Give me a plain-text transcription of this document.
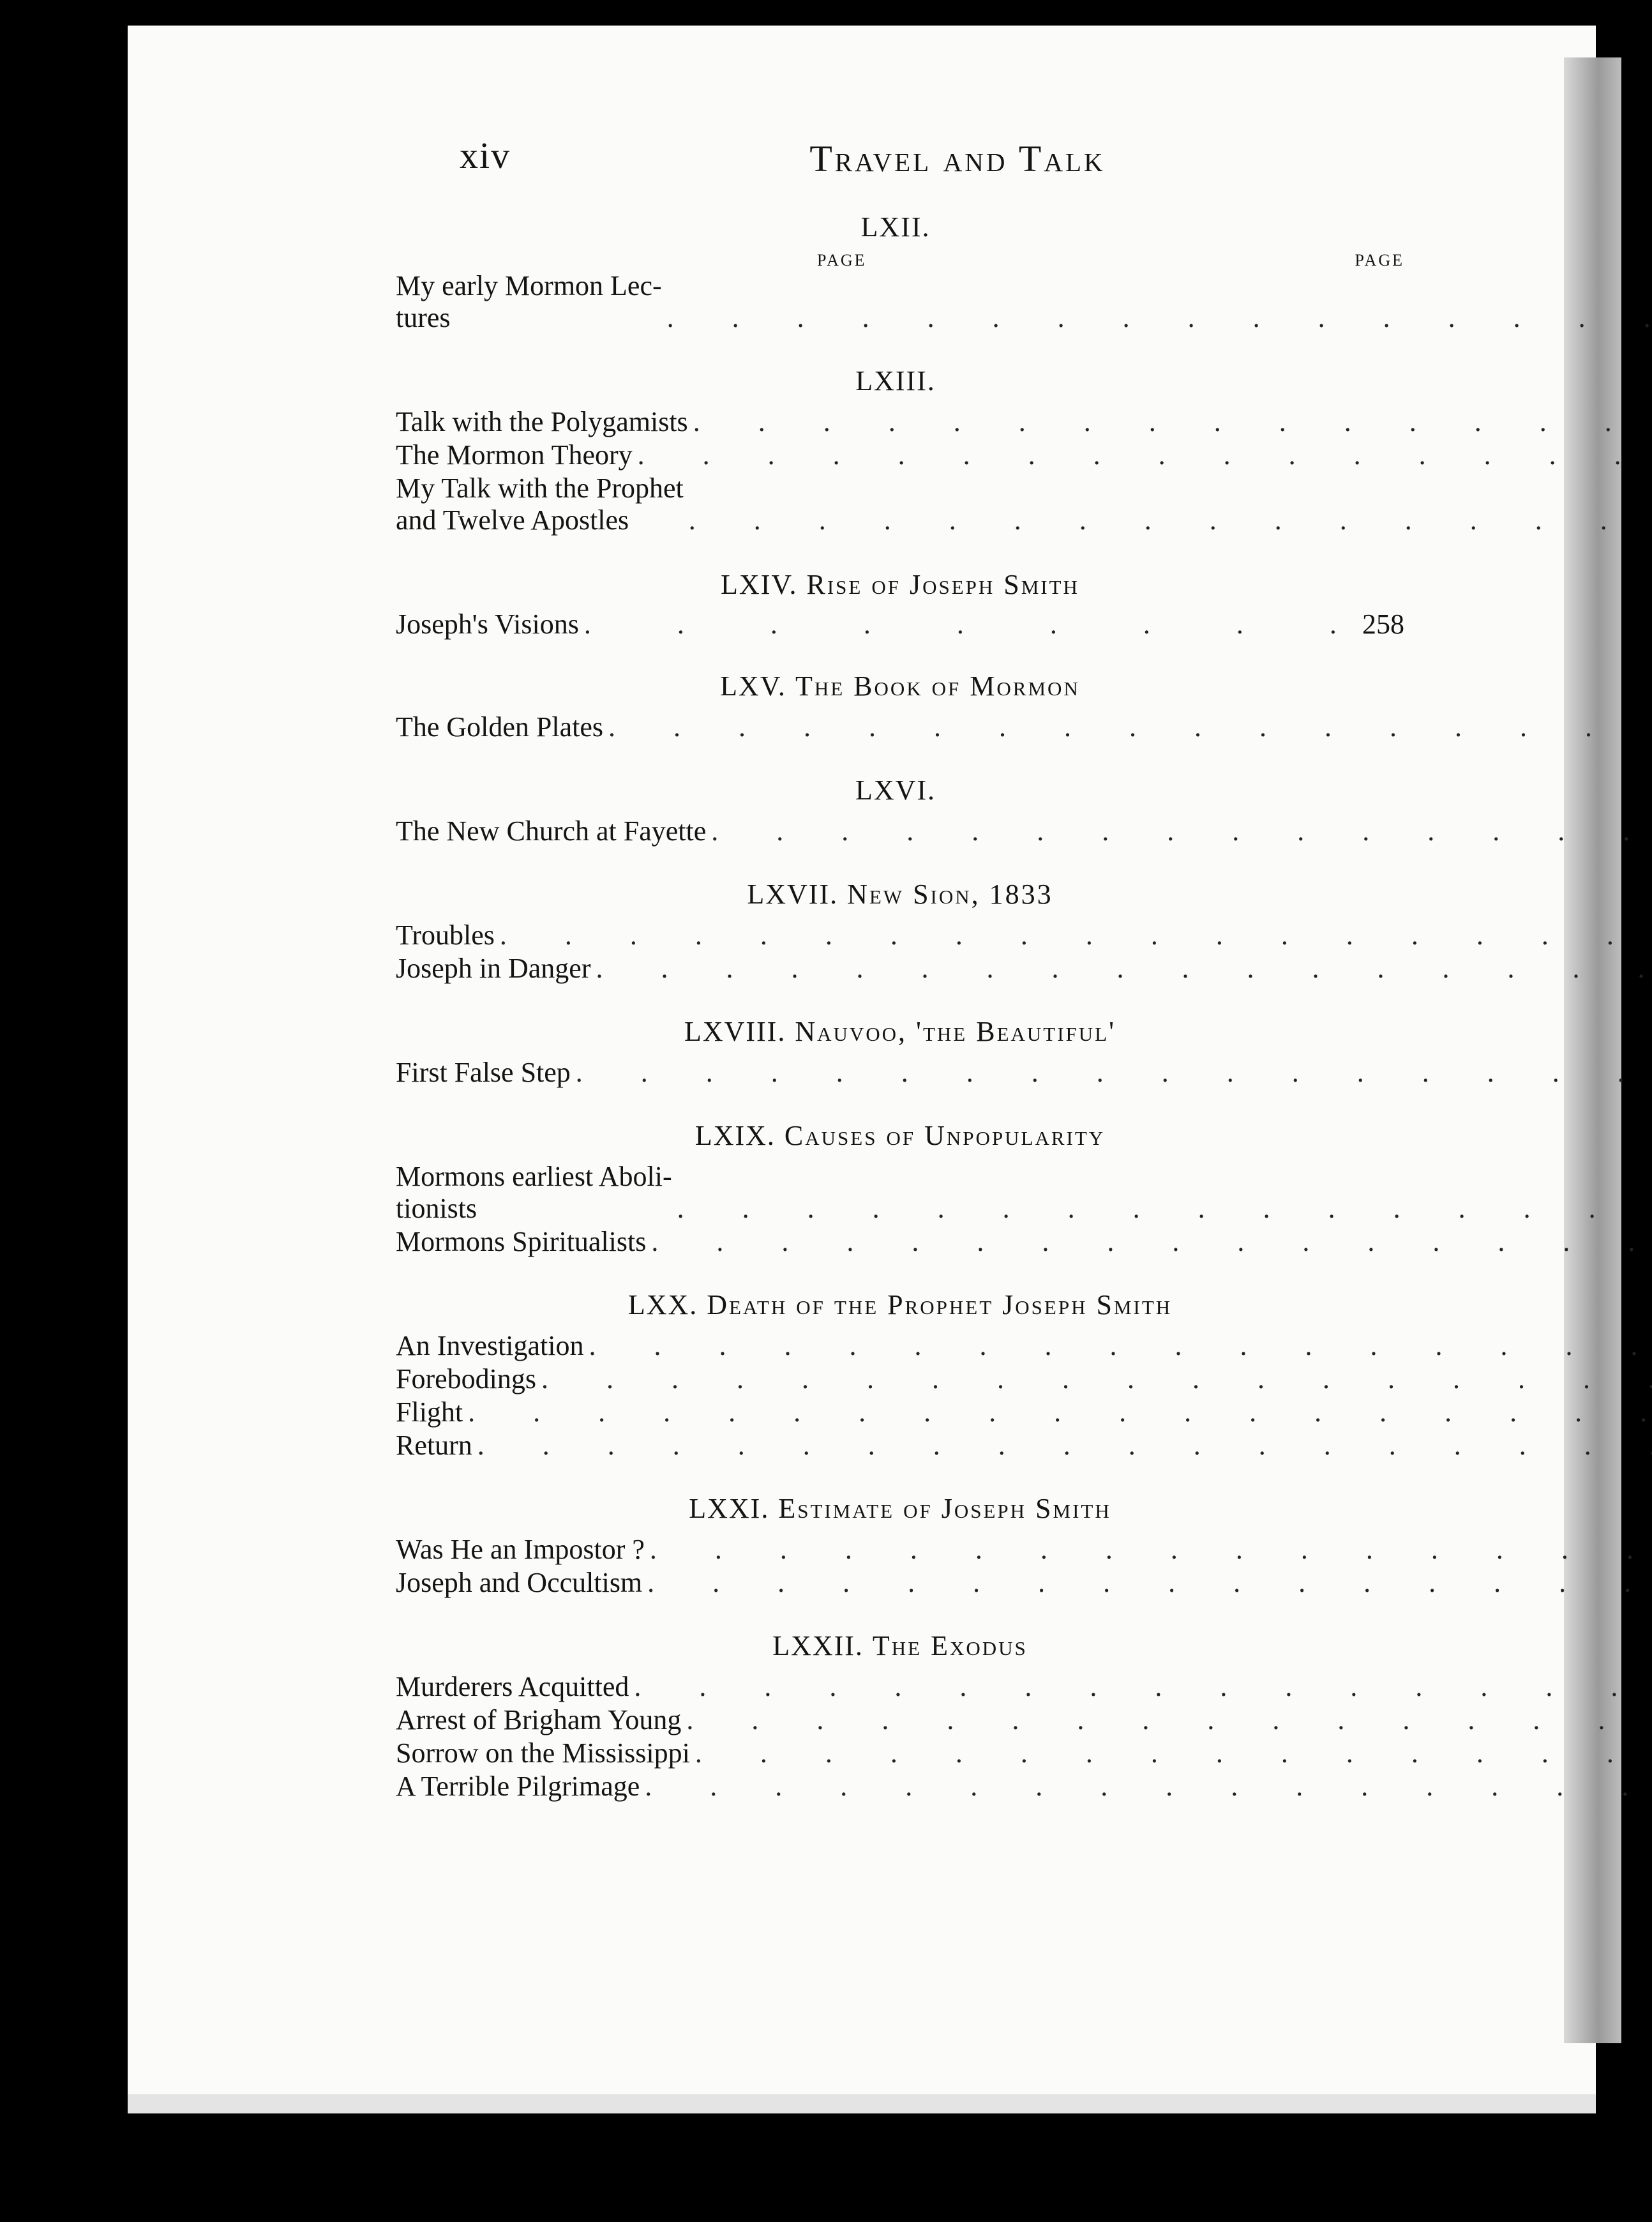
xiv	Travel and Talk
LXII.
PAGE	PAGE
My early Mormon Lec-
tures
. . .
LXIII.
Talk with the Polygamists
. . .
The Mormon Theory
. . .
My Talk with the Prophet
and Twelve Apostles
. . .
LXIV. Rise of Joseph Smith
Joseph's Visions
. . .	258
LXV. The Book of Mormon
The Golden Plates
. . .
LXVI.
The New Church at Fayette
. . .
LXVII. New Sion, 1833
Troubles
. . .
Joseph in Danger
. . .
LXVIII. Nauvoo, 'the Beautiful'
First False Step
. . .
LXIX. Causes of Unpopularity
Mormons earliest Aboli-
tionists
. . .
Mormons Spiritualists
. . .
LXX. Death of the Prophet Joseph Smith
An Investigation
. . .
Forebodings
. . .
Flight
. . .
Return
. . .
LXXI. Estimate of Joseph Smith
Was He an Impostor ?
. . .
Joseph and Occultism
. . .
LXXII. The Exodus
Murderers Acquitted
. . .
Arrest of Brigham Young
. . .
Sorrow on the Mississippi
. . .
A Terrible Pilgrimage
. . .
